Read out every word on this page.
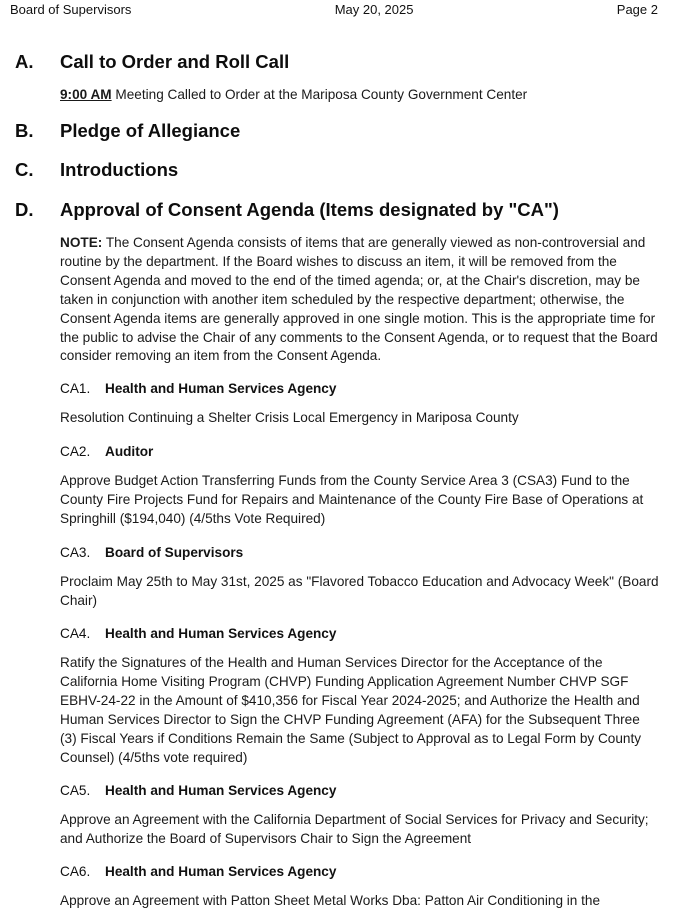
Board of Supervisors	May 20, 2025	Page 2
A.	Call to Order and Roll Call
9:00 AM Meeting Called to Order at the Mariposa County Government Center
B.	Pledge of Allegiance
C.	Introductions
D.	Approval of Consent Agenda (Items designated by "CA")
NOTE: The Consent Agenda consists of items that are generally viewed as non-controversial and routine by the department. If the Board wishes to discuss an item, it will be removed from the Consent Agenda and moved to the end of the timed agenda; or, at the Chair's discretion, may be taken in conjunction with another item scheduled by the respective department; otherwise, the Consent Agenda items are generally approved in one single motion. This is the appropriate time for the public to advise the Chair of any comments to the Consent Agenda, or to request that the Board consider removing an item from the Consent Agenda.
CA1.	Health and Human Services Agency
Resolution Continuing a Shelter Crisis Local Emergency in Mariposa County
CA2.	Auditor
Approve Budget Action Transferring Funds from the County Service Area 3 (CSA3) Fund to the County Fire Projects Fund for Repairs and Maintenance of the County Fire Base of Operations at Springhill ($194,040) (4/5ths Vote Required)
CA3.	Board of Supervisors
Proclaim May 25th to May 31st, 2025 as "Flavored Tobacco Education and Advocacy Week" (Board Chair)
CA4.	Health and Human Services Agency
Ratify the Signatures of the Health and Human Services Director for the Acceptance of the California Home Visiting Program (CHVP) Funding Application Agreement Number CHVP SGF EBHV-24-22 in the Amount of $410,356 for Fiscal Year 2024-2025; and Authorize the Health and Human Services Director to Sign the CHVP Funding Agreement (AFA) for the Subsequent Three (3) Fiscal Years if Conditions Remain the Same (Subject to Approval as to Legal Form by County Counsel) (4/5ths vote required)
CA5.	Health and Human Services Agency
Approve an Agreement with the California Department of Social Services for Privacy and Security; and Authorize the Board of Supervisors Chair to Sign the Agreement
CA6.	Health and Human Services Agency
Approve an Agreement with Patton Sheet Metal Works Dba: Patton Air Conditioning in the
